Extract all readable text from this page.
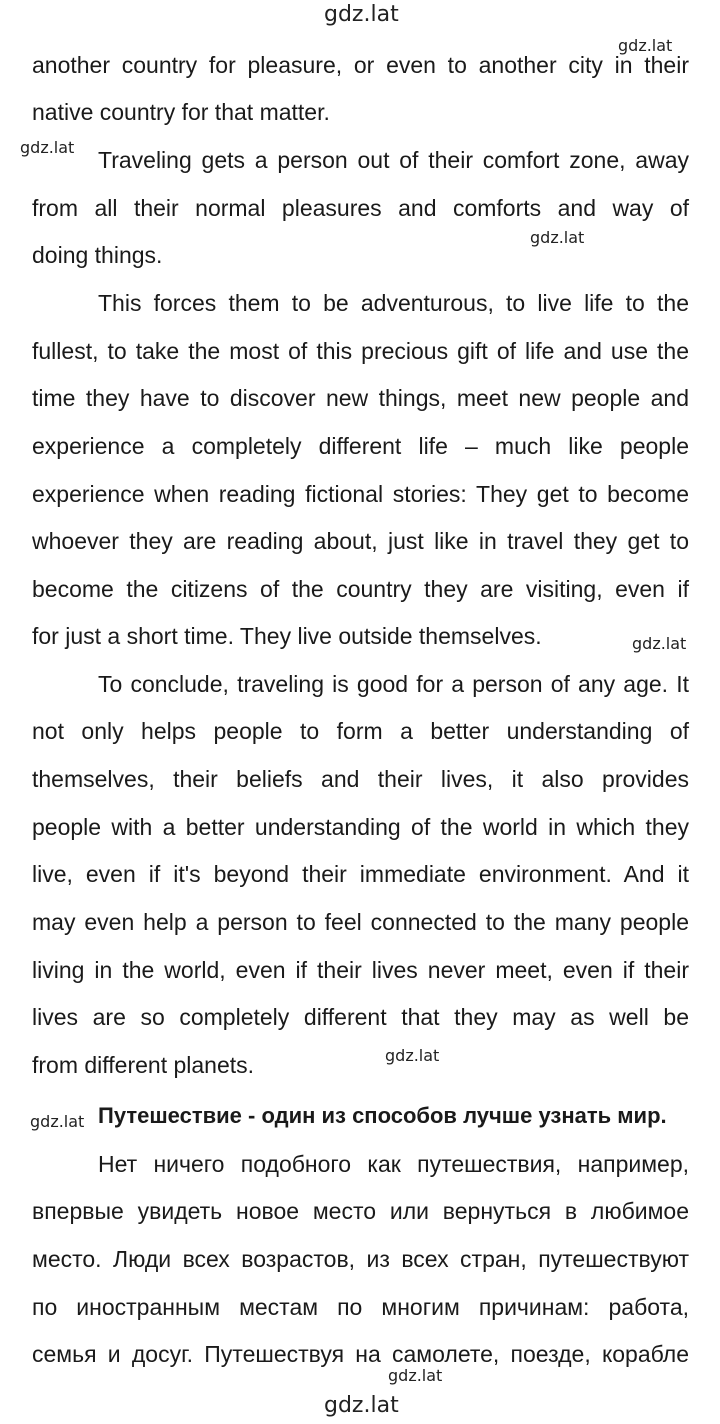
gdz.lat
gdz.lat
gdz.lat
gdz.lat
gdz.lat
gdz.lat
gdz.lat
gdz.lat
gdz.lat
another country for pleasure, or even to another city in their
native country for that matter.
Traveling gets a person out of their comfort zone, away
from all their normal pleasures and comforts and way of
doing things.
This forces them to be adventurous, to live life to the
fullest, to take the most of this precious gift of life and use the
time they have to discover new things, meet new people and
experience a completely different life – much like people
experience when reading fictional stories: They get to become
whoever they are reading about, just like in travel they get to
become the citizens of the country they are visiting, even if
for just a short time. They live outside themselves.
To conclude, traveling is good for a person of any age. It
not only helps people to form a better understanding of
themselves, their beliefs and their lives, it also provides
people with a better understanding of the world in which they
live, even if it's beyond their immediate environment. And it
may even help a person to feel connected to the many people
living in the world, even if their lives never meet, even if their
lives are so completely different that they may as well be
from different planets.
Путешествие - один из способов лучше узнать мир.
Нет ничего подобного как путешествия, например,
впервые увидеть новое место или вернуться в любимое
место. Люди всех возрастов, из всех стран, путешествуют
по иностранным местам по многим причинам: работа,
семья и досуг. Путешествуя на самолете, поезде, корабле
